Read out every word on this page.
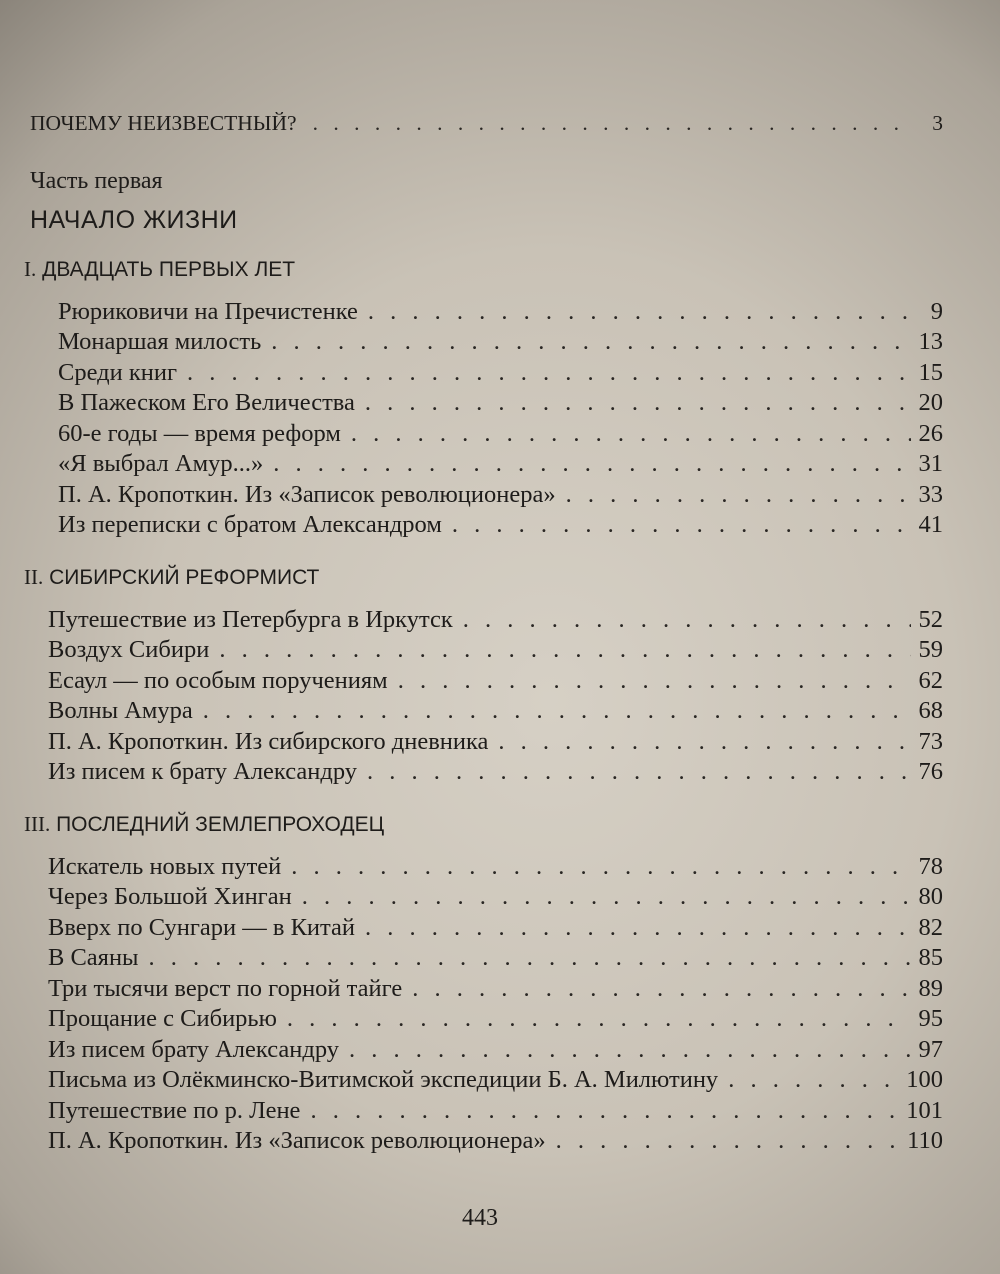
ПОЧЕМУ НЕИЗВЕСТНЫЙ? . . .	3
Часть первая
НАЧАЛО ЖИЗНИ
I. ДВАДЦАТЬ ПЕРВЫХ ЛЕТ
Рюриковичи на Пречистенке . . .	9
Монаршая милость . . .	13
Среди книг . . .	15
В Пажеском Его Величества . . .	20
60-е годы — время реформ . . .	26
«Я выбрал Амур...» . . .	31
П. А. Кропоткин. Из «Записок революционера» . . .	33
Из переписки с братом Александром . . .	41
II. СИБИРСКИЙ РЕФОРМИСТ
Путешествие из Петербурга в Иркутск . . .	52
Воздух Сибири . . .	59
Есаул — по особым поручениям . . .	62
Волны Амура . . .	68
П. А. Кропоткин. Из сибирского дневника . . .	73
Из писем к брату Александру . . .	76
III. ПОСЛЕДНИЙ ЗЕМЛЕПРОХОДЕЦ
Искатель новых путей . . .	78
Через Большой Хинган . . .	80
Вверх по Сунгари — в Китай . . .	82
В Саяны . . .	85
Три тысячи верст по горной тайге . . .	89
Прощание с Сибирью . . .	95
Из писем брату Александру . . .	97
Письма из Олёкминско-Витимской экспедиции Б. А. Милютину . . .	100
Путешествие по р. Лене . . .	101
П. А. Кропоткин. Из «Записок революционера» . . .	110
443
